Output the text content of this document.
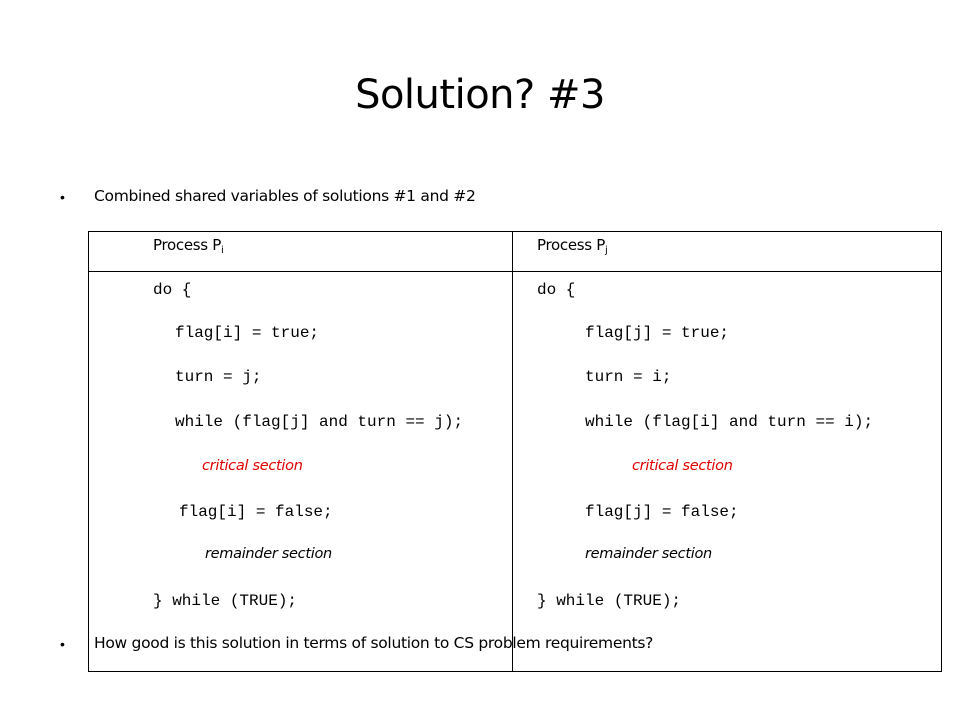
Solution? #3
• Combined shared variables of solutions #1 and #2
Process $P_i$
do {
flag[i] = true;
turn = j;
while (flag[j] and turn == j);
critical section
flag[i] = false;
remainder section
} while (TRUE);
Process $P_j$
do {
flag[j] = true;
turn = i;
while (flag[i] and turn == i);
critical section
flag[j] = false;
remainder section
} while (TRUE);
• How good is this solution in terms of solution to CS problem requirements?
